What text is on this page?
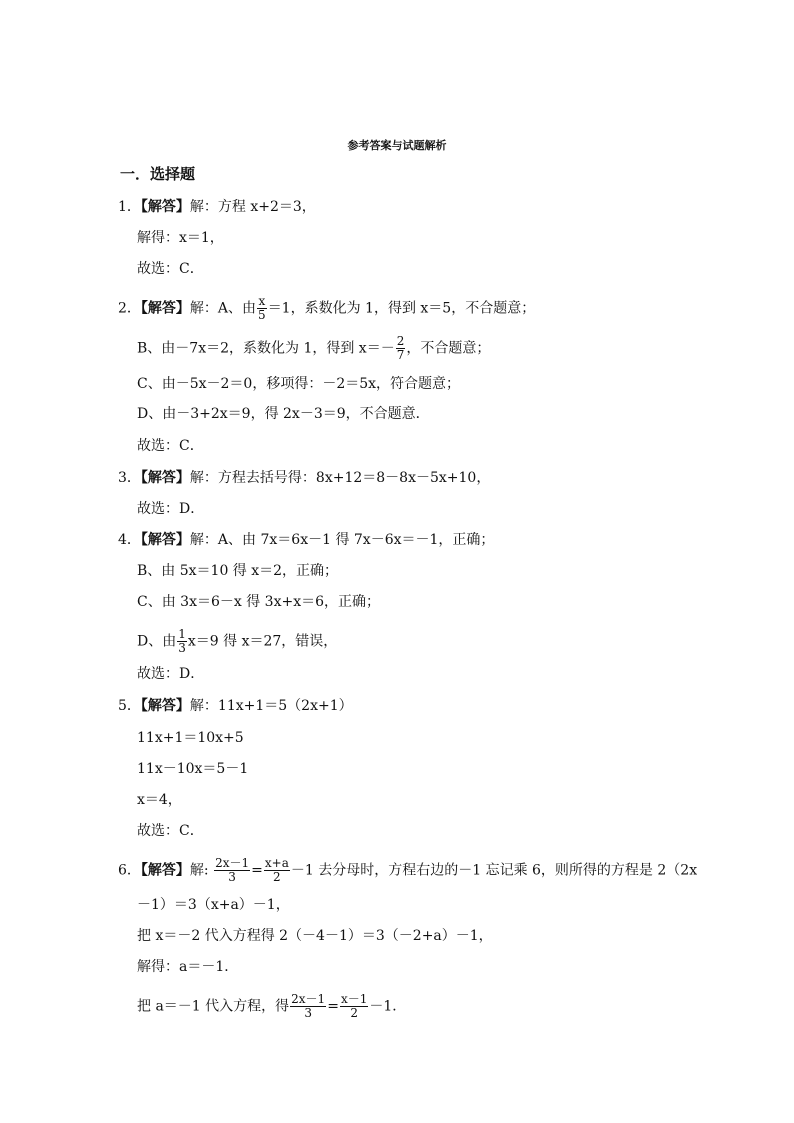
参考答案与试题解析
一．选择题
1．【解答】解：方程 x+2＝3，
解得：x＝1，
故选：C．
2．【解答】解：A、由 $\frac{x}{5} =1$，系数化为 1，得到 x＝5，不合题意；
B、由－7x＝2，系数化为 1，得到 $x=- \frac{2}{7}$ ，不合题意；
C、由－5x－2＝0，移项得：－2＝5x，符合题意；
D、由－3+2x＝9，得 2x－3＝9，不合题意．
故选：C．
3．【解答】解：方程去括号得：8x+12＝8－8x－5x+10，
故选：D．
4．【解答】解：A、由 7x＝6x－1 得 7x－6x＝－1，正确；
B、由 5x＝10 得 x＝2，正确；
C、由 3x＝6－x 得 3x+x＝6，正确；
D、由 $\frac{1}{3} x=9$ 得 x＝27，错误，
故选：D．
5．【解答】解：11x+1＝5（2x+1）
11x+1＝10x+5
11x－10x＝5－1
x＝4，
故选：C．
6．【解答】解: $\frac{2x-1}{3} = \frac{x+a}{2} -1$ 去分母时，方程右边的－1 忘记乘 6，则所得的方程是 2（2x
－1）＝3（x+a）－1，
把 x＝－2 代入方程得 2（－4－1）＝3（－2+a）－1，
解得：a＝－1．
把 a＝－1 代入方程，得 $\frac{2x-1}{3} = \frac{x-1}{2} -1$．
